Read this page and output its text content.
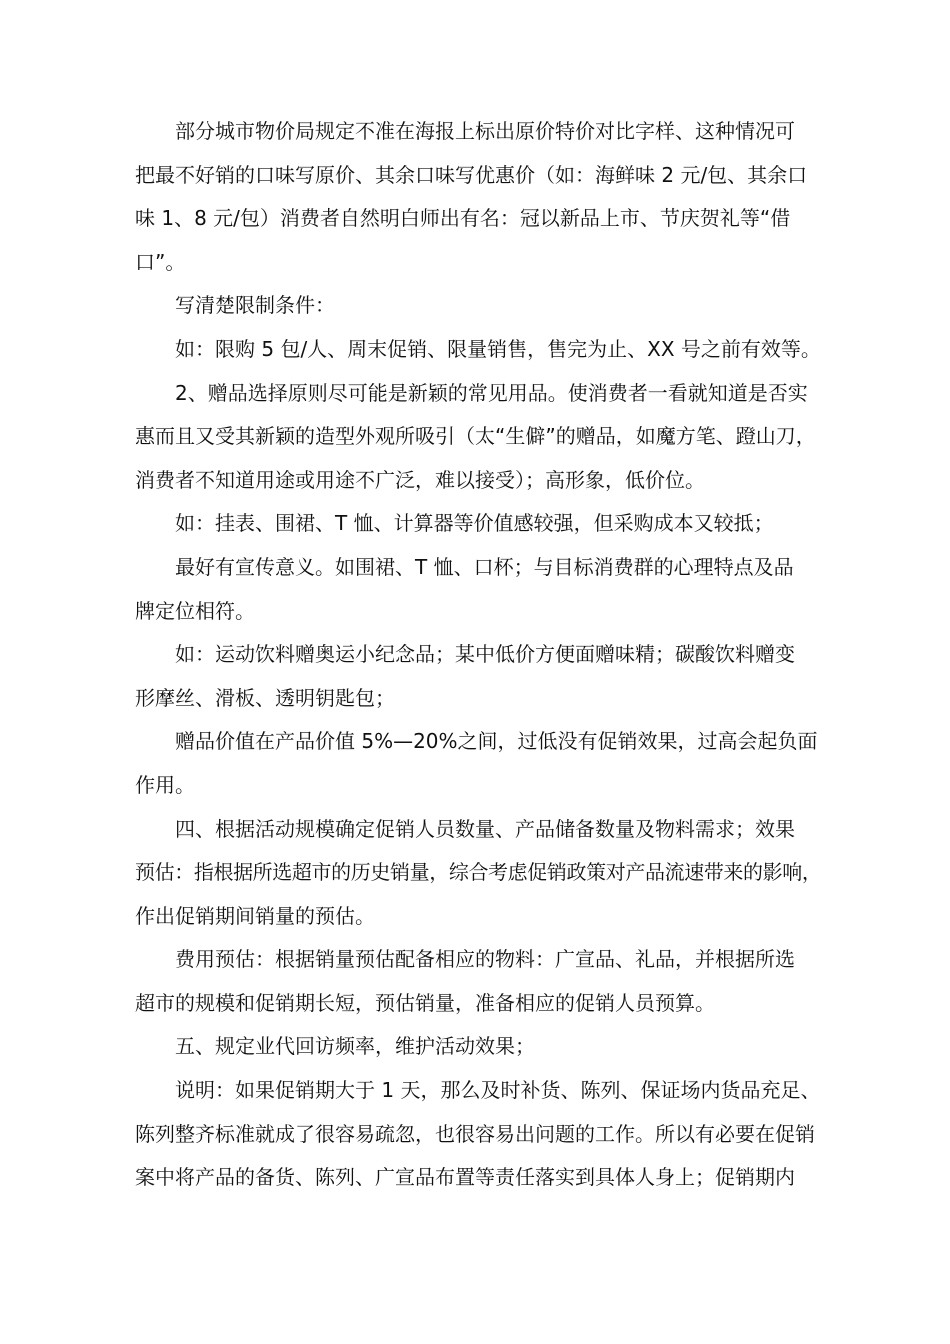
部分城市物价局规定不准在海报上标出原价特价对比字样、这种情况可
把最不好销的口味写原价、其余口味写优惠价（如：海鲜味 2 元/包、其余口
味 1、8 元/包）消费者自然明白师出有名：冠以新品上市、节庆贺礼等“借
口”。
写清楚限制条件：
如：限购 5 包/人、周末促销、限量销售，售完为止、XX 号之前有效等。
2、赠品选择原则尽可能是新颖的常见用品。使消费者一看就知道是否实
惠而且又受其新颖的造型外观所吸引（太“生僻”的赠品，如魔方笔、蹬山刀，
消费者不知道用途或用途不广泛，难以接受）；高形象，低价位。
如：挂表、围裙、T 恤、计算器等价值感较强，但采购成本又较抵；
最好有宣传意义。如围裙、T 恤、口杯；与目标消费群的心理特点及品
牌定位相符。
如：运动饮料赠奥运小纪念品；某中低价方便面赠味精；碳酸饮料赠变
形摩丝、滑板、透明钥匙包；
赠品价值在产品价值 5%—20%之间，过低没有促销效果，过高会起负面
作用。
四、根据活动规模确定促销人员数量、产品储备数量及物料需求；效果
预估：指根据所选超市的历史销量，综合考虑促销政策对产品流速带来的影响，
作出促销期间销量的预估。
费用预估：根据销量预估配备相应的物料：广宣品、礼品，并根据所选
超市的规模和促销期长短，预估销量，准备相应的促销人员预算。
五、规定业代回访频率，维护活动效果；
说明：如果促销期大于 1 天，那么及时补货、陈列、保证场内货品充足、
陈列整齐标准就成了很容易疏忽，也很容易出问题的工作。所以有必要在促销
案中将产品的备货、陈列、广宣品布置等责任落实到具体人身上；促销期内
